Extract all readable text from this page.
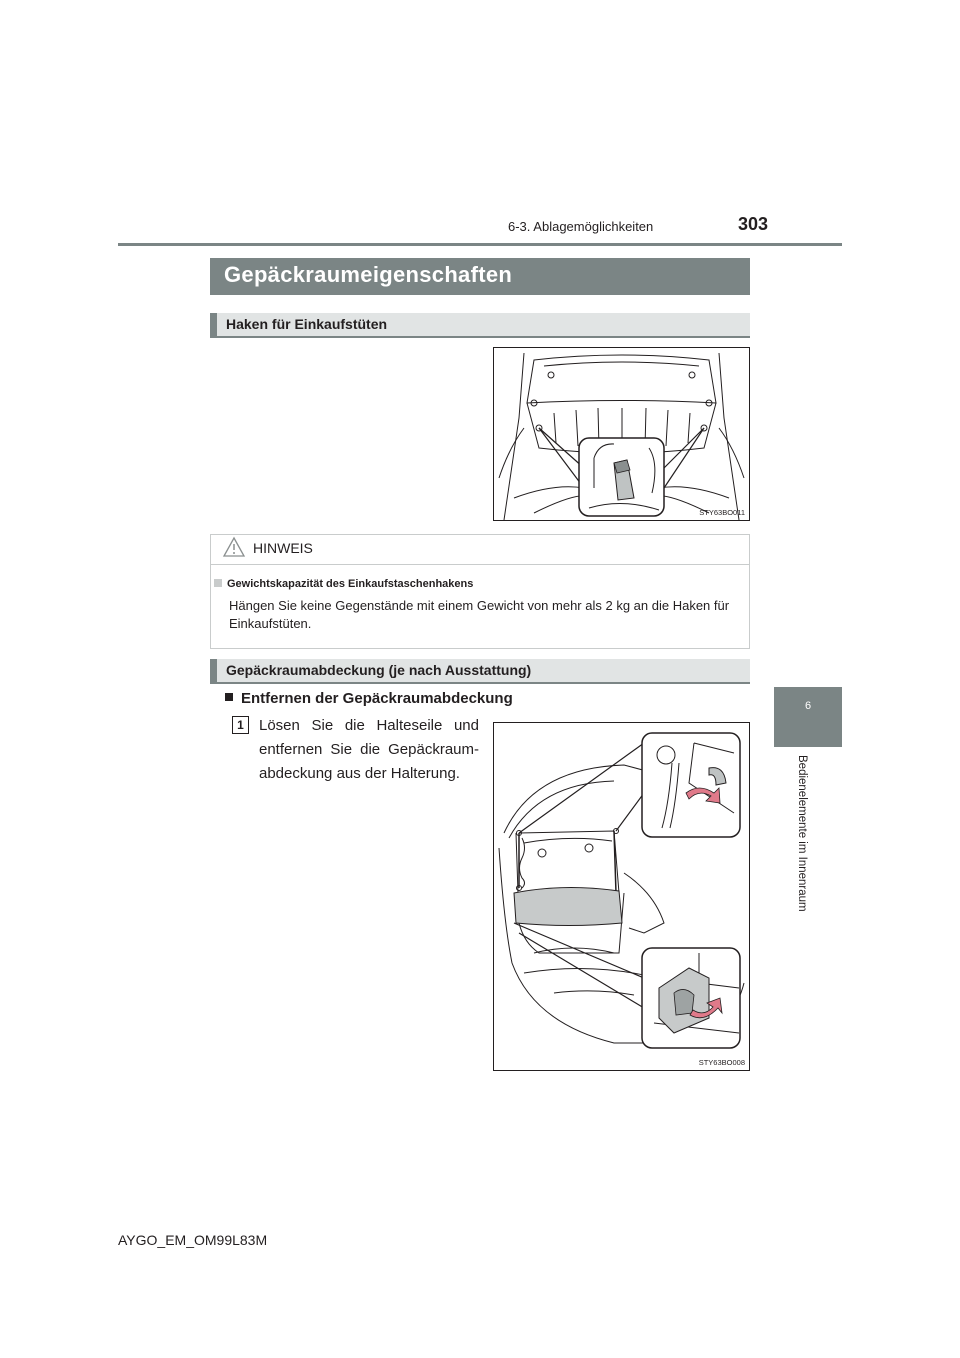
6-3. Ablagemöglichkeiten	303
6
Bedienelemente im Innenraum
Gepäckraumeigenschaften
Haken für Einkaufstüten
STY63BO011
HINWEIS
Gewichtskapazität des Einkaufstaschenhakens
Hängen Sie keine Gegenstände mit einem Gewicht von mehr als 2 kg an die Haken für Einkaufstüten.
Gepäckraumabdeckung (je nach Ausstattung)
Entfernen der Gepäckraumabdeckung
1	Lösen Sie die Halteseile und entfernen Sie die Gepäckraum-abdeckung aus der Halterung.
STY63BO008
AYGO_EM_OM99L83M
